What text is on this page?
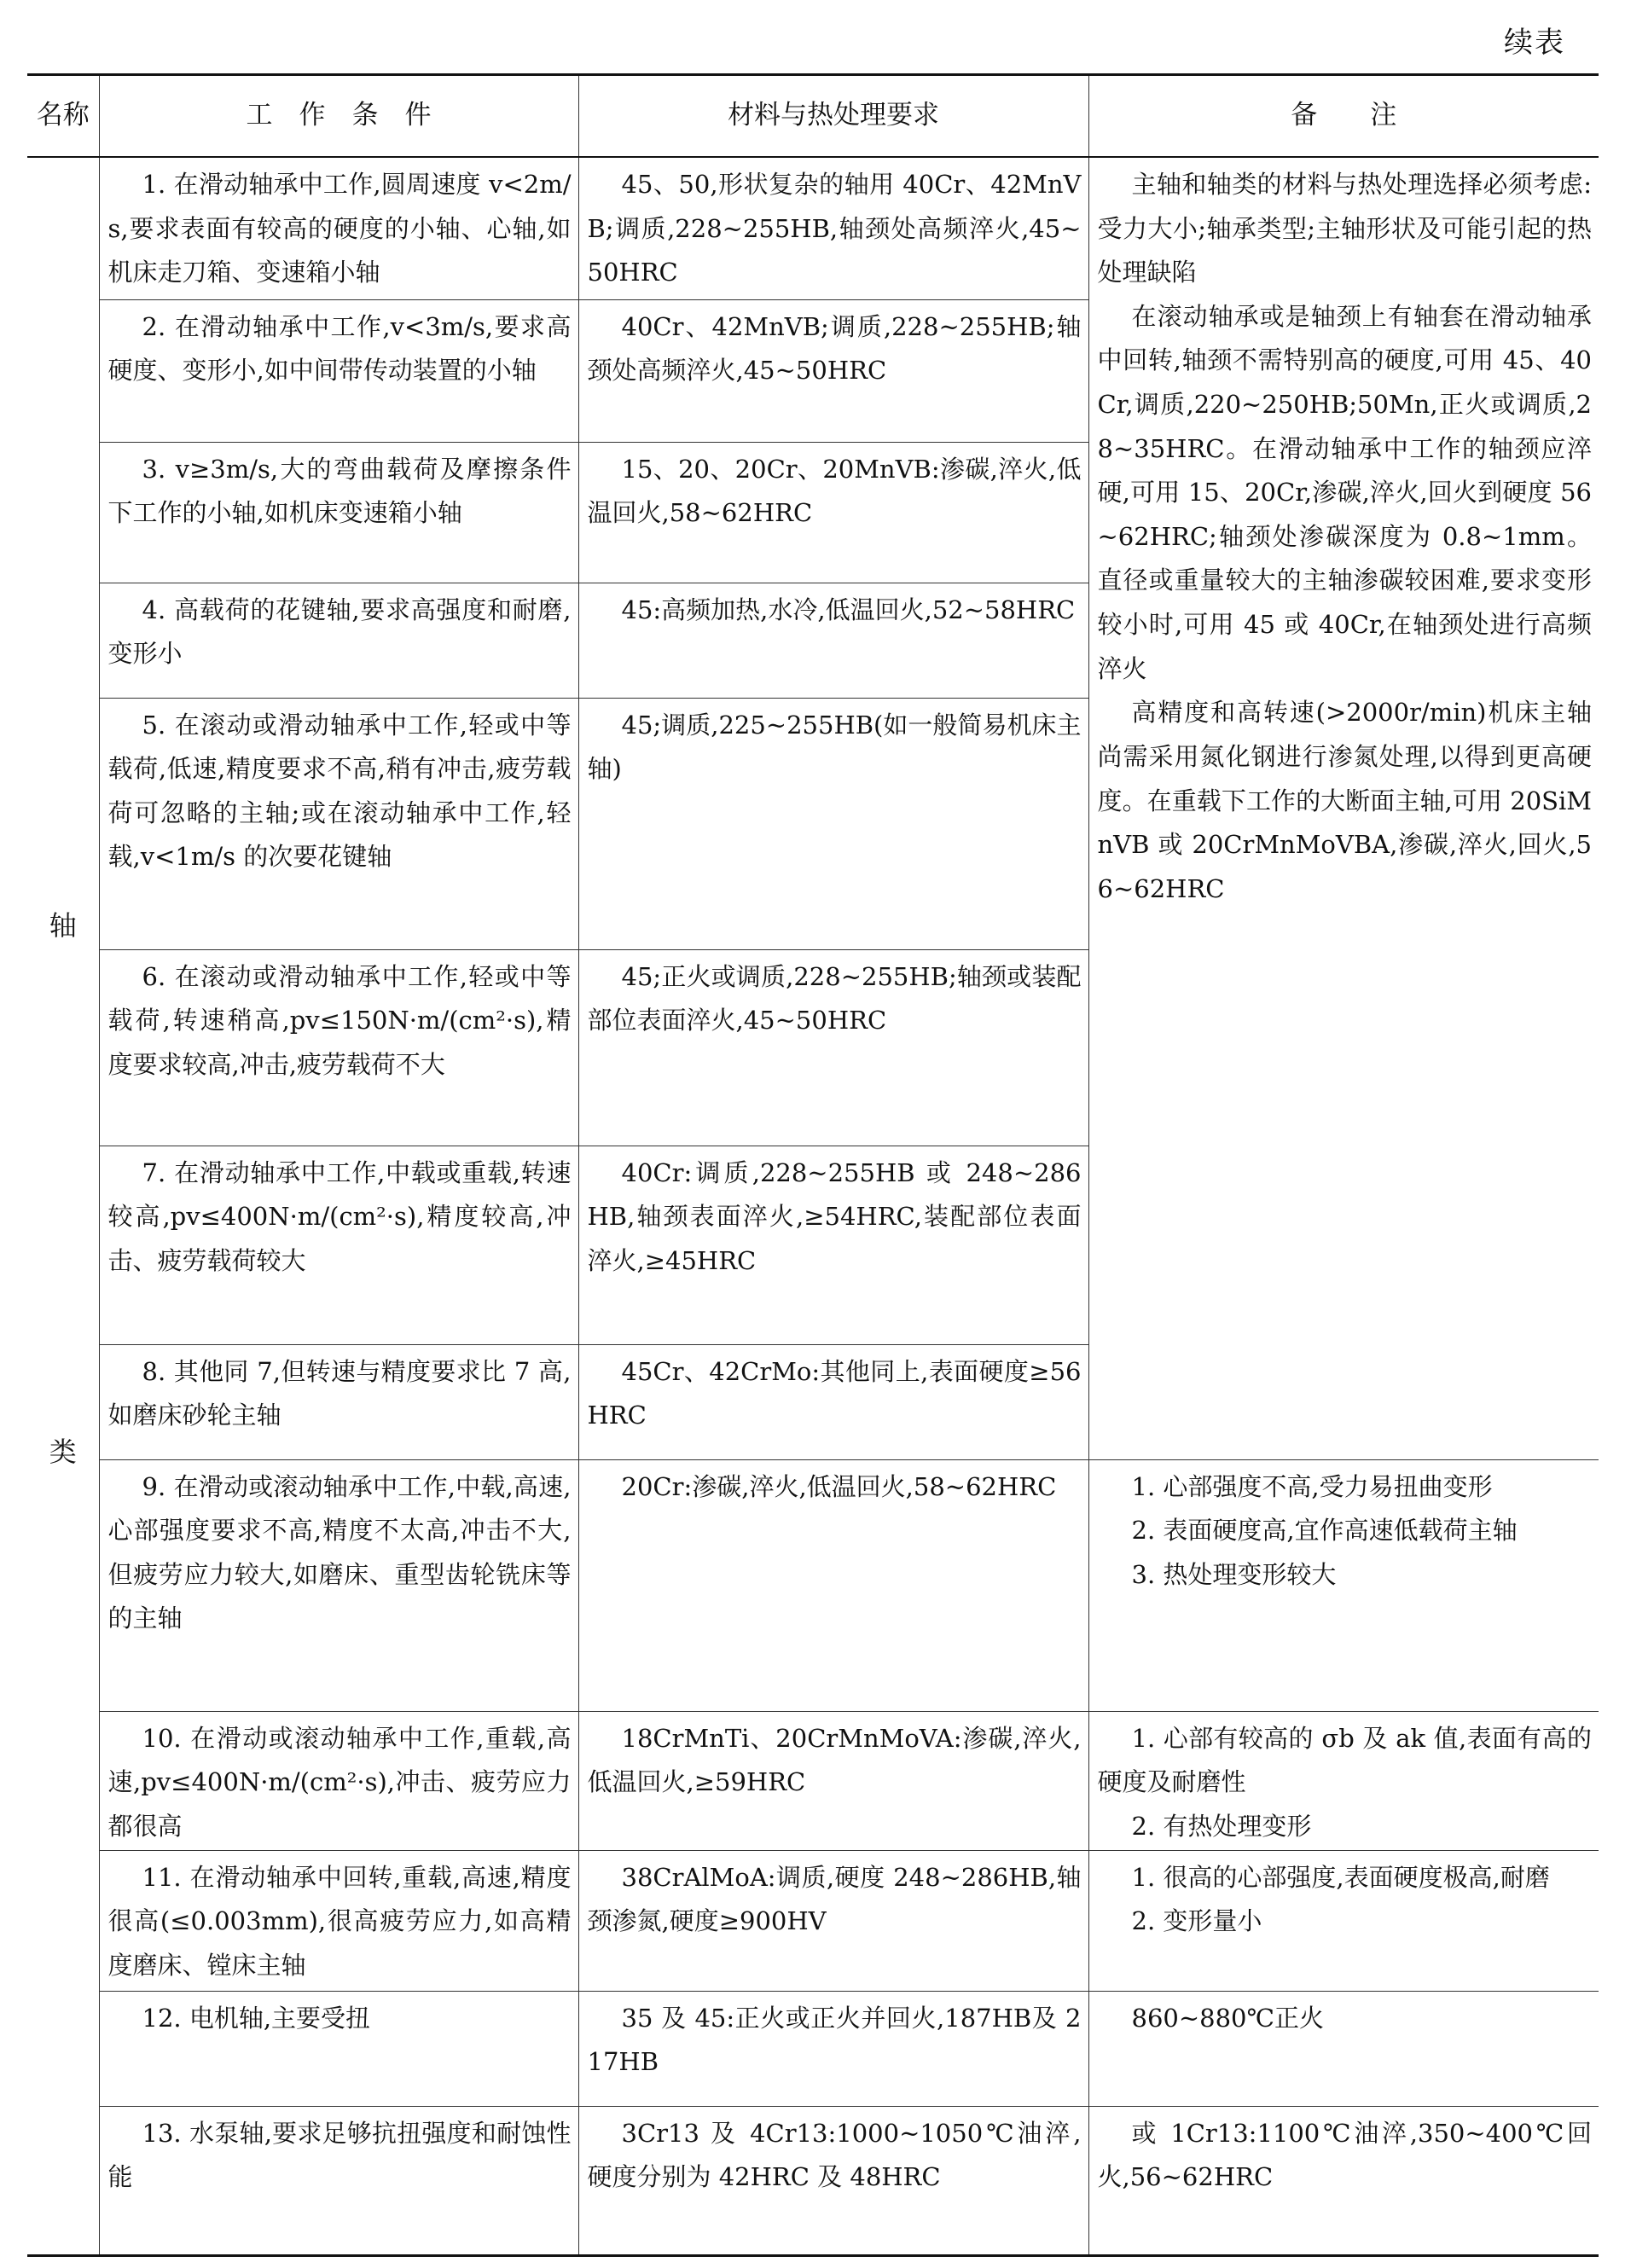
续表
名称	工　作　条　件	材料与热处理要求	备　　注

轴
类	1. 在滑动轴承中工作,圆周速度 v<2m/s,要求表面有较高的硬度的小轴、心轴,如机床走刀箱、变速箱小轴	45、50,形状复杂的轴用 40Cr、42MnVB;调质,228~255HB,轴颈处高频淬火,45~50HRC	主轴和轴类的材料与热处理选择必须考虑:受力大小;轴承类型;主轴形状及可能引起的热处理缺陷
在滚动轴承或是轴颈上有轴套在滑动轴承中回转,轴颈不需特别高的硬度,可用 45、40Cr,调质,220~250HB;50Mn,正火或调质,28~35HRC。在滑动轴承中工作的轴颈应淬硬,可用 15、20Cr,渗碳,淬火,回火到硬度 56~62HRC;轴颈处渗碳深度为 0.8~1mm。直径或重量较大的主轴渗碳较困难,要求变形较小时,可用 45 或 40Cr,在轴颈处进行高频淬火
高精度和高转速(>2000r/min)机床主轴尚需采用氮化钢进行渗氮处理,以得到更高硬度。在重载下工作的大断面主轴,可用 20SiMnVB 或 20CrMnMoVBA,渗碳,淬火,回火,56~62HRC

	2. 在滑动轴承中工作,v<3m/s,要求高硬度、变形小,如中间带传动装置的小轴	40Cr、42MnVB;调质,228~255HB;轴颈处高频淬火,45~50HRC	

	3. v≥3m/s,大的弯曲载荷及摩擦条件下工作的小轴,如机床变速箱小轴	15、20、20Cr、20MnVB:渗碳,淬火,低温回火,58~62HRC	

	4. 高载荷的花键轴,要求高强度和耐磨,变形小	45:高频加热,水冷,低温回火,52~58HRC	

	5. 在滚动或滑动轴承中工作,轻或中等载荷,低速,精度要求不高,稍有冲击,疲劳载荷可忽略的主轴;或在滚动轴承中工作,轻载,v<1m/s 的次要花键轴	45;调质,225~255HB(如一般简易机床主轴)	

	6. 在滚动或滑动轴承中工作,轻或中等载荷,转速稍高,pv≤150N·m/(cm²·s),精度要求较高,冲击,疲劳载荷不大	45;正火或调质,228~255HB;轴颈或装配部位表面淬火,45~50HRC	

	7. 在滑动轴承中工作,中载或重载,转速较高,pv≤400N·m/(cm²·s),精度较高,冲击、疲劳载荷较大	40Cr:调质,228~255HB 或 248~286HB,轴颈表面淬火,≥54HRC,装配部位表面淬火,≥45HRC	

	8. 其他同 7,但转速与精度要求比 7 高,如磨床砂轮主轴	45Cr、42CrMo:其他同上,表面硬度≥56HRC	

	9. 在滑动或滚动轴承中工作,中载,高速,心部强度要求不高,精度不太高,冲击不大,但疲劳应力较大,如磨床、重型齿轮铣床等的主轴	20Cr:渗碳,淬火,低温回火,58~62HRC	1. 心部强度不高,受力易扭曲变形
2. 表面硬度高,宜作高速低载荷主轴
3. 热处理变形较大

	10. 在滑动或滚动轴承中工作,重载,高速,pv≤400N·m/(cm²·s),冲击、疲劳应力都很高	18CrMnTi、20CrMnMoVA:渗碳,淬火,低温回火,≥59HRC	1. 心部有较高的 σb 及 ak 值,表面有高的硬度及耐磨性
2. 有热处理变形

	11. 在滑动轴承中回转,重载,高速,精度很高(≤0.003mm),很高疲劳应力,如高精度磨床、镗床主轴	38CrAlMoA:调质,硬度 248~286HB,轴颈渗氮,硬度≥900HV	1. 很高的心部强度,表面硬度极高,耐磨
2. 变形量小

	12. 电机轴,主要受扭	35 及 45:正火或正火并回火,187HB及 217HB	860~880℃正火

	13. 水泵轴,要求足够抗扭强度和耐蚀性能	3Cr13 及 4Cr13:1000~1050℃油淬,硬度分别为 42HRC 及 48HRC	或 1Cr13:1100℃油淬,350~400℃回火,56~62HRC
